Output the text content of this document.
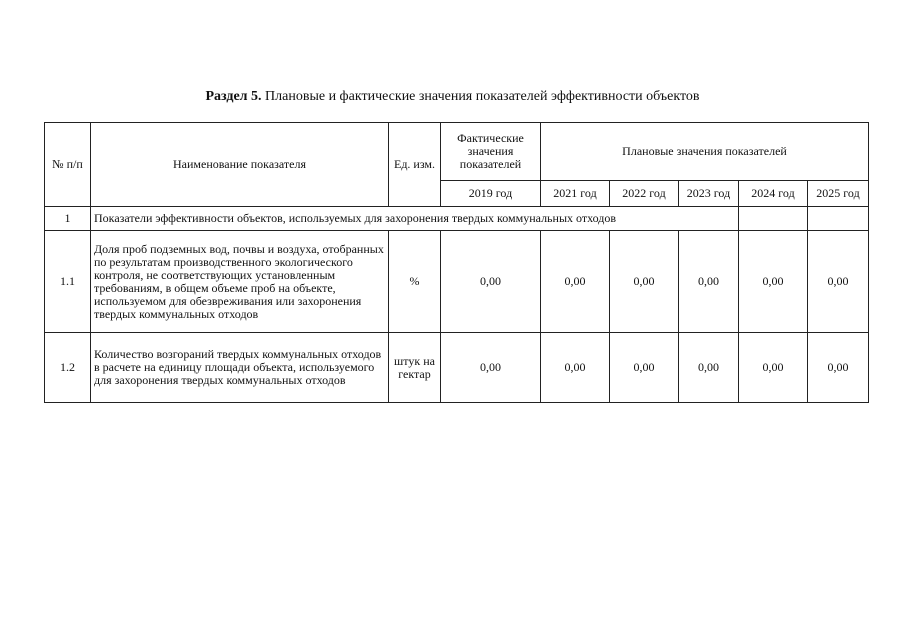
Раздел 5. Плановые и фактические значения показателей эффективности объектов
№ п/п	Наименование показателя	Ед. изм.	Фактические значения показателей	Плановые значения показателей				
			2019 год	2021 год	2022 год	2023 год	2024 год	2025 год
1	Показатели эффективности объектов, используемых для захоронения твердых коммунальных отходов							
1.1	Доля проб подземных вод, почвы и воздуха, отобранных по результатам производственного экологического контроля, не соответствующих установленным требованиям, в общем объеме проб на объекте, используемом для обезвреживания или захоронения твердых коммунальных отходов	%	0,00	0,00	0,00	0,00	0,00	0,00
1.2	Количество возгораний твердых коммунальных отходов в расчете на единицу площади объекта, используемого для захоронения твердых коммунальных отходов	штук на гектар	0,00	0,00	0,00	0,00	0,00	0,00
